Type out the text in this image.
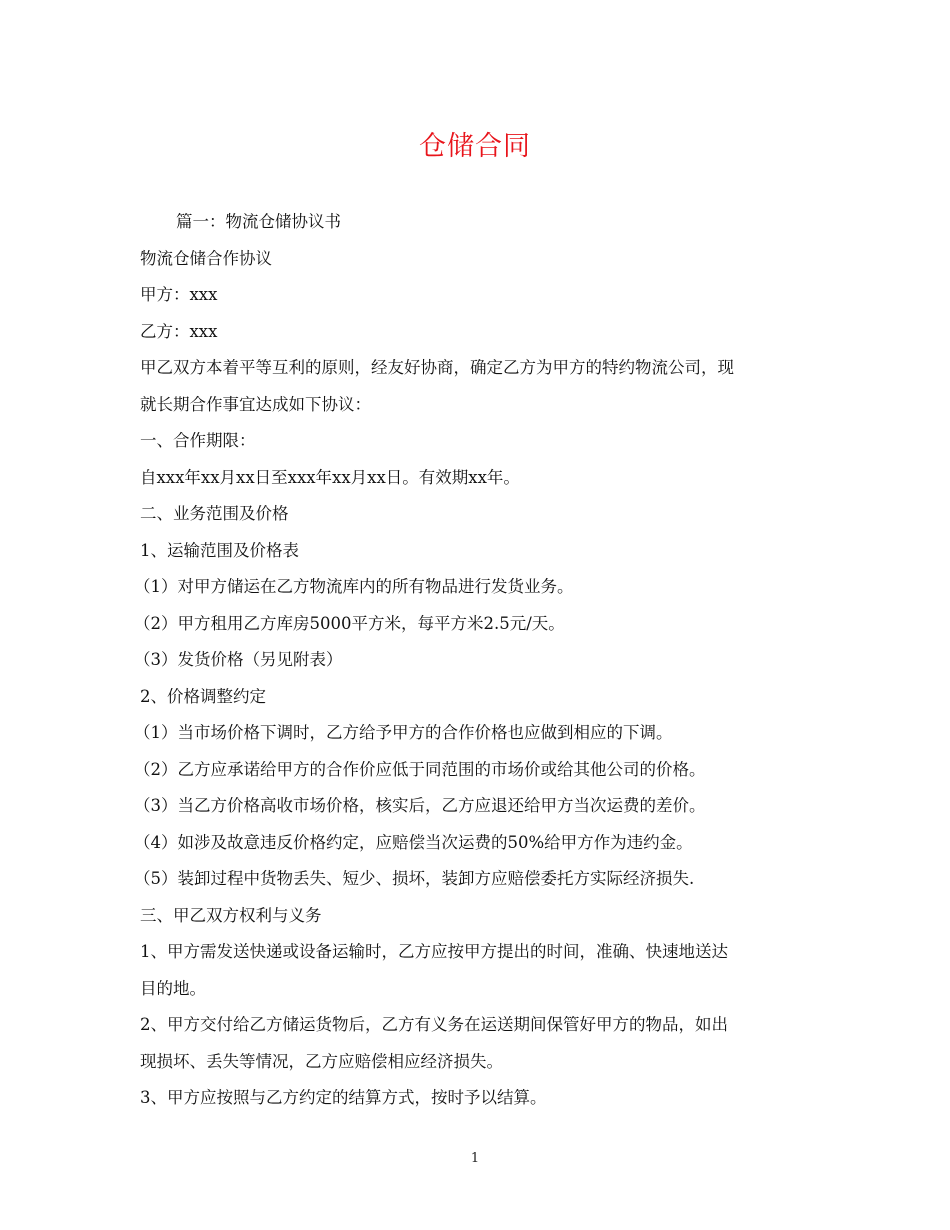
仓储合同
篇一：物流仓储协议书
物流仓储合作协议
甲方：xxx
乙方：xxx
甲乙双方本着平等互利的原则，经友好协商，确定乙方为甲方的特约物流公司，现
就长期合作事宜达成如下协议：
一、合作期限：
自xxx年xx月xx日至xxx年xx月xx日。有效期xx年。
二、业务范围及价格
1、运输范围及价格表
（1）对甲方储运在乙方物流库内的所有物品进行发货业务。
（2）甲方租用乙方库房5000平方米，每平方米2.5元/天。
（3）发货价格（另见附表）
2、价格调整约定
（1）当市场价格下调时，乙方给予甲方的合作价格也应做到相应的下调。
（2）乙方应承诺给甲方的合作价应低于同范围的市场价或给其他公司的价格。
（3）当乙方价格高收市场价格，核实后，乙方应退还给甲方当次运费的差价。
（4）如涉及故意违反价格约定，应赔偿当次运费的50%给甲方作为违约金。
（5）装卸过程中货物丢失、短少、损坏，装卸方应赔偿委托方实际经济损失.
三、甲乙双方权利与义务
1、甲方需发送快递或设备运输时，乙方应按甲方提出的时间，准确、快速地送达
目的地。
2、甲方交付给乙方储运货物后，乙方有义务在运送期间保管好甲方的物品，如出
现损坏、丢失等情况，乙方应赔偿相应经济损失。
3、甲方应按照与乙方约定的结算方式，按时予以结算。
1
